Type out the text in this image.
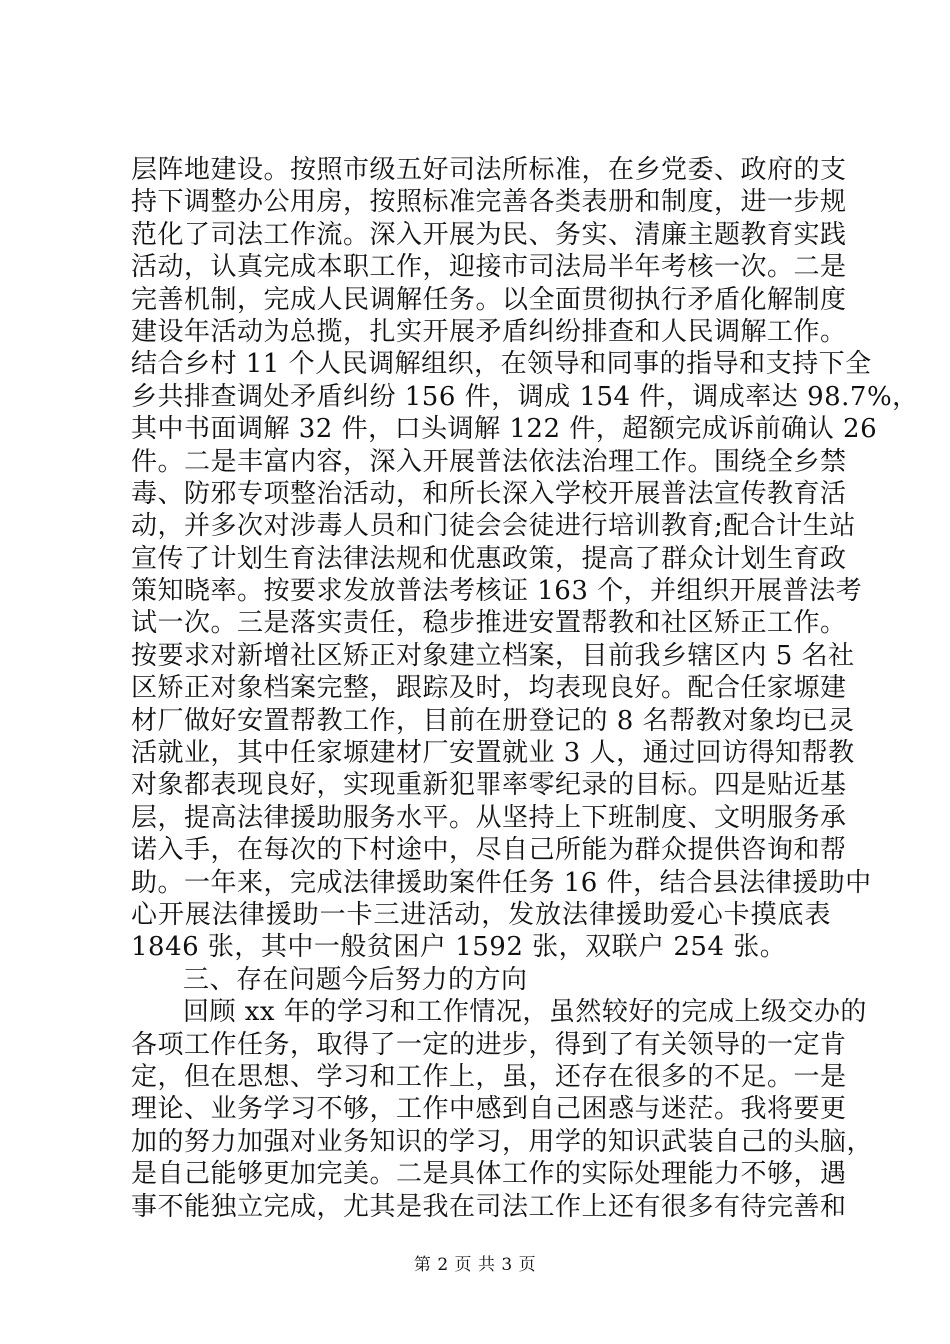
层阵地建设。按照市级五好司法所标准，在乡党委、政府的支
持下调整办公用房，按照标准完善各类表册和制度，进一步规
范化了司法工作流。深入开展为民、务实、清廉主题教育实践
活动，认真完成本职工作，迎接市司法局半年考核一次。二是
完善机制，完成人民调解任务。以全面贯彻执行矛盾化解制度
建设年活动为总揽，扎实开展矛盾纠纷排查和人民调解工作。
结合乡村 11 个人民调解组织，在领导和同事的指导和支持下全
乡共排查调处矛盾纠纷 156 件，调成 154 件，调成率达 98.7%，
其中书面调解 32 件，口头调解 122 件，超额完成诉前确认 26
件。二是丰富内容，深入开展普法依法治理工作。围绕全乡禁
毒、防邪专项整治活动，和所长深入学校开展普法宣传教育活
动，并多次对涉毒人员和门徒会会徒进行培训教育;配合计生站
宣传了计划生育法律法规和优惠政策，提高了群众计划生育政
策知晓率。按要求发放普法考核证 163 个，并组织开展普法考
试一次。三是落实责任，稳步推进安置帮教和社区矫正工作。
按要求对新增社区矫正对象建立档案，目前我乡辖区内 5 名社
区矫正对象档案完整，跟踪及时，均表现良好。配合任家塬建
材厂做好安置帮教工作，目前在册登记的 8 名帮教对象均已灵
活就业，其中任家塬建材厂安置就业 3 人，通过回访得知帮教
对象都表现良好，实现重新犯罪率零纪录的目标。四是贴近基
层，提高法律援助服务水平。从坚持上下班制度、文明服务承
诺入手，在每次的下村途中，尽自己所能为群众提供咨询和帮
助。一年来，完成法律援助案件任务 16 件，结合县法律援助中
心开展法律援助一卡三进活动，发放法律援助爱心卡摸底表
1846 张，其中一般贫困户 1592 张，双联户 254 张。
三、存在问题今后努力的方向
回顾 xx 年的学习和工作情况，虽然较好的完成上级交办的
各项工作任务，取得了一定的进步，得到了有关领导的一定肯
定，但在思想、学习和工作上，虽，还存在很多的不足。一是
理论、业务学习不够，工作中感到自己困惑与迷茫。我将要更
加的努力加强对业务知识的学习，用学的知识武装自己的头脑，
是自己能够更加完美。二是具体工作的实际处理能力不够，遇
事不能独立完成，尤其是我在司法工作上还有很多有待完善和
第 2 页 共 3 页
